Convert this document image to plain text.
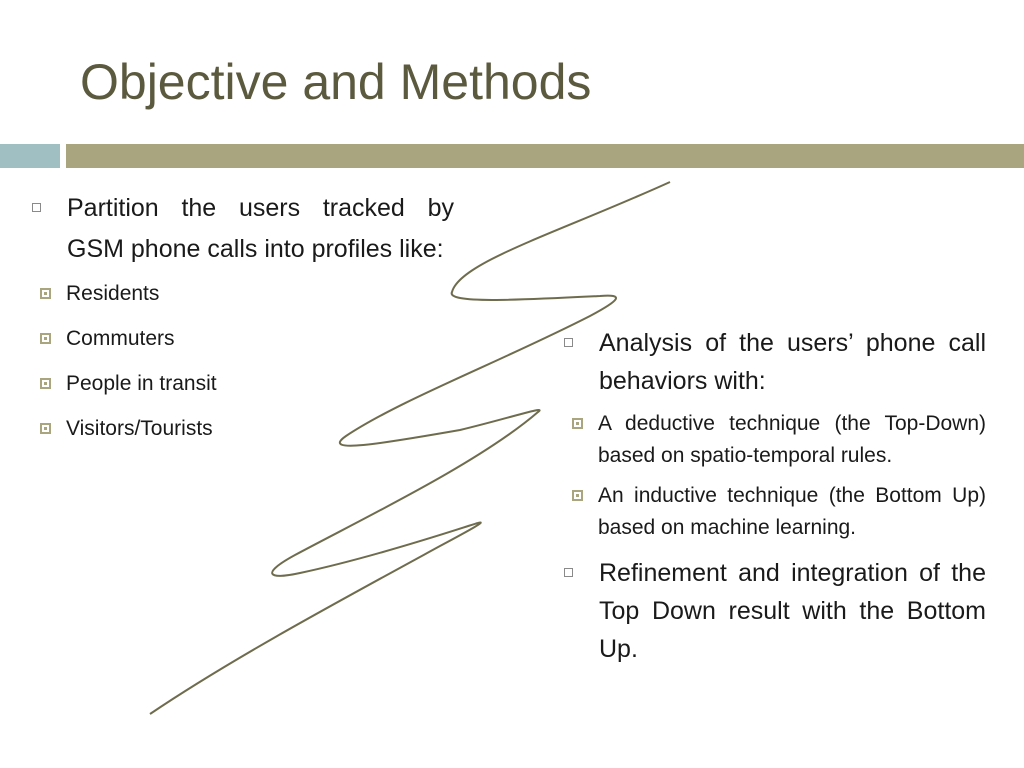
Objective and Methods
Partition the users tracked by GSM phone calls into profiles like:
Residents
Commuters
People in transit
Visitors/Tourists
Analysis of the users’ phone call behaviors with:
A deductive technique (the Top-Down) based on spatio-temporal rules.
An inductive technique (the Bottom Up) based on machine learning.
Refinement and integration of the Top Down result with the Bottom Up.
